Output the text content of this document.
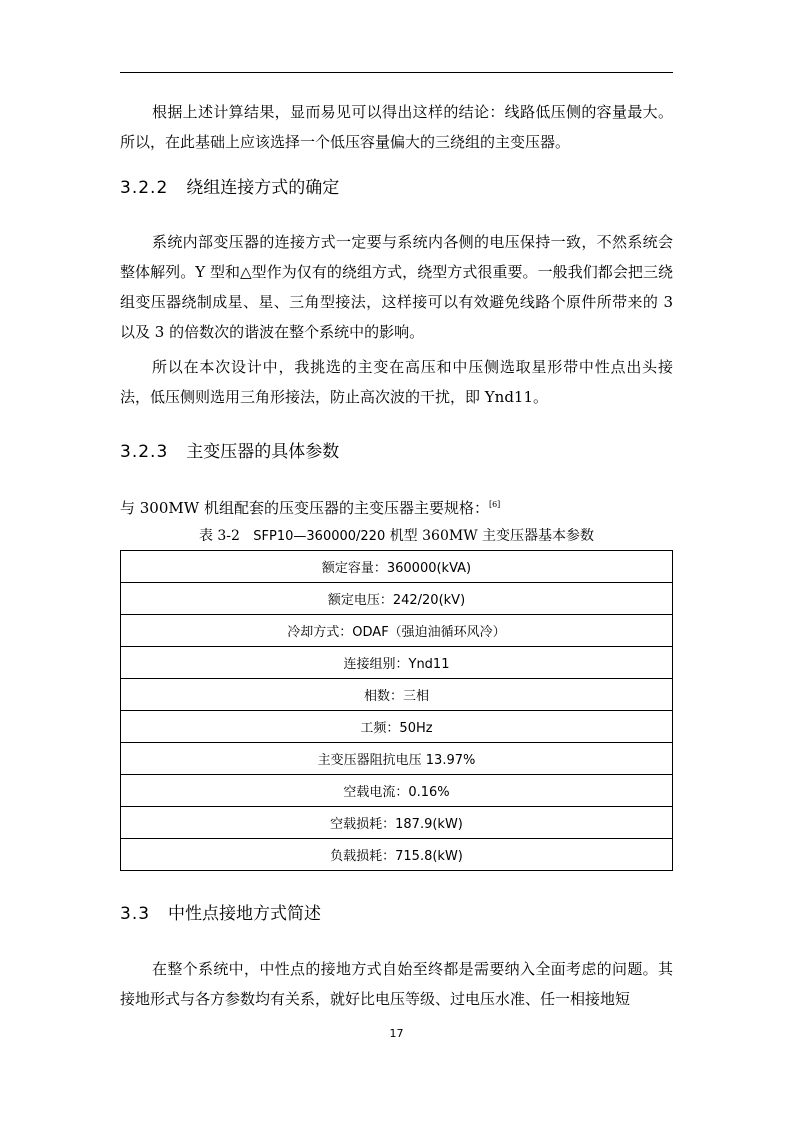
根据上述计算结果，显而易见可以得出这样的结论：线路低压侧的容量最大。所以，在此基础上应该选择一个低压容量偏大的三绕组的主变压器。

3.2.2 绕组连接方式的确定

系统内部变压器的连接方式一定要与系统内各侧的电压保持一致，不然系统会整体解列。Y 型和△型作为仅有的绕组方式，绕型方式很重要。一般我们都会把三绕组变压器绕制成星、星、三角型接法，这样接可以有效避免线路个原件所带来的 3 以及 3 的倍数次的谐波在整个系统中的影响。

所以在本次设计中，我挑选的主变在高压和中压侧选取星形带中性点出头接法，低压侧则选用三角形接法，防止高次波的干扰，即 Ynd11。

3.2.3 主变压器的具体参数

与 300MW 机组配套的压变压器的主变压器主要规格：[6]

表 3-2 SFP10—360000/220 机型 360MW 主变压器基本参数
额定容量：360000(kVA)
额定电压：242/20(kV)
冷却方式：ODAF（强迫油循环风冷）
连接组别：Ynd11
相数：三相
工频：50Hz
主变压器阻抗电压 13.97%
空载电流：0.16%
空载损耗：187.9(kW)
负载损耗：715.8(kW)
3.3 中性点接地方式简述

在整个系统中，中性点的接地方式自始至终都是需要纳入全面考虑的问题。其接地形式与各方参数均有关系，就好比电压等级、过电压水准、任一相接地短

17
